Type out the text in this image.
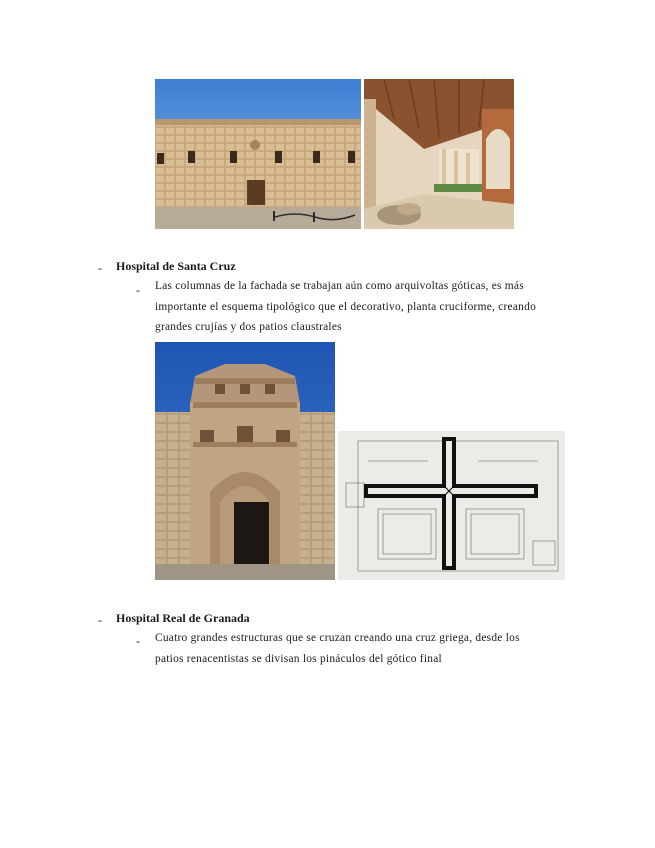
- Hospital de Santa Cruz
- Las columnas de la fachada se trabajan aún como arquivoltas góticas, es más
importante el esquema tipológico que el decorativo, planta cruciforme, creando
grandes crujías y dos patios claustrales
- Hospital Real de Granada
- Cuatro grandes estructuras que se cruzan creando una cruz griega, desde los
patios renacentistas se divisan los pináculos del gótico final
